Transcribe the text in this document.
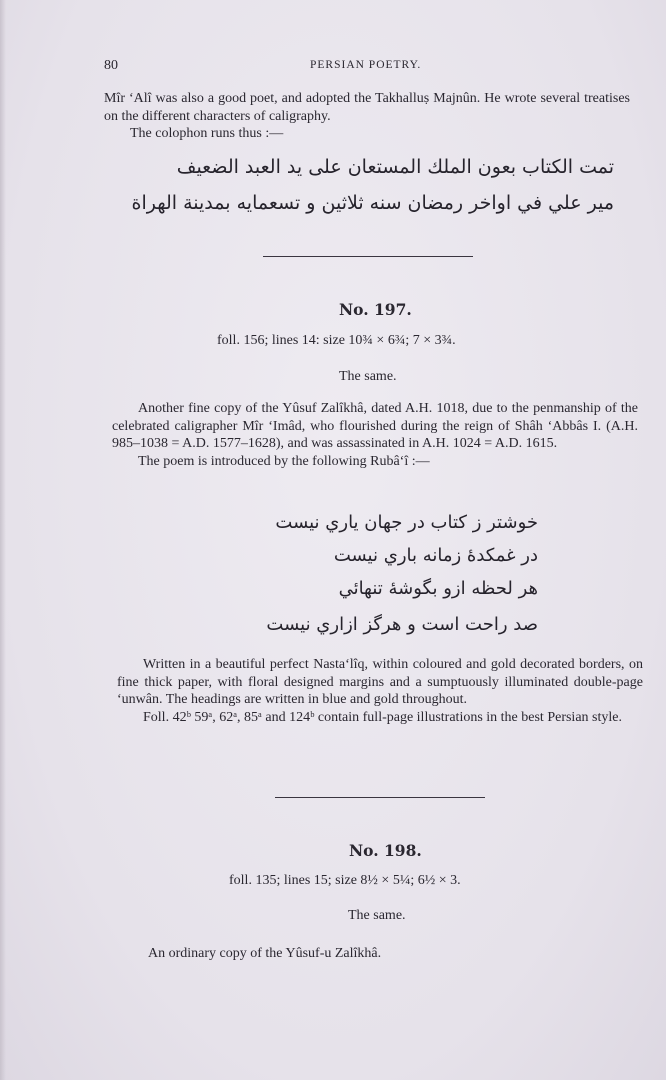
80	PERSIAN POETRY.
Mîr ‘Alî was also a good poet, and adopted the Takhalluṣ Majnûn. He wrote several treatises on the different characters of caligraphy.
The colophon runs thus :—
تمت الكتاب بعون الملك المستعان على يد العبد الضعيف
مير علي في اواخر رمضان سنه ثلاثين و تسعمايه بمدينة الهراة
No. 197.
foll. 156; lines 14: size 10¾ × 6¾; 7 × 3¾.
The same.
Another fine copy of the Yûsuf Zalîkhâ, dated A.H. 1018, due to the penmanship of the celebrated caligrapher Mîr ‘Imâd, who flourished during the reign of Shâh ‘Abbâs I. (A.H. 985–1038 = A.D. 1577–1628), and was assassinated in A.H. 1024 = A.D. 1615.
The poem is introduced by the following Rubâ‘î :—
خوشتر ز کتاب در جهان یاري نیست
در غمکدۀ زمانه باري نیست
هر لحظه ازو بگوشۀ تنهائي
صد راحت است و هرگز ازاري نیست
Written in a beautiful perfect Nasta‘lîq, within coloured and gold decorated borders, on fine thick paper, with floral designed margins and a sumptuously illuminated double-page ‘unwân. The headings are written in blue and gold throughout.
Foll. 42ᵇ 59ᵃ, 62ᵃ, 85ᵃ and 124ᵇ contain full-page illustrations in the best Persian style.
No. 198.
foll. 135; lines 15; size 8½ × 5¼; 6½ × 3.
The same.
An ordinary copy of the Yûsuf-u Zalîkhâ.
